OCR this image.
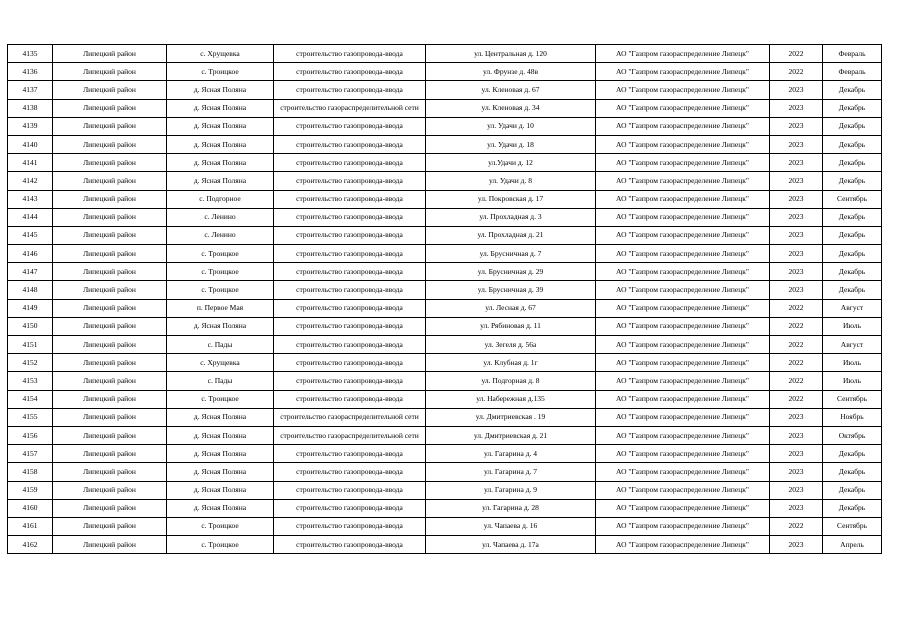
4135	Липецкий район	с. Хрущевка	строительство газопровода-ввода	ул. Центральная д. 120	АО "Газпром газораспределение Липецк"	2022	Февраль
4136	Липецкий район	с. Троицкое	строительство газопровода-ввода	ул. Фрунзе д. 48в	АО "Газпром газораспределение Липецк"	2022	Февраль
4137	Липецкий район	д. Ясная Поляна	строительство газопровода-ввода	ул. Кленовая д. 67	АО "Газпром газораспределение Липецк"	2023	Декабрь
4138	Липецкий район	д. Ясная Поляна	строительство газораспределительной сети	ул. Кленовая д. 34	АО "Газпром газораспределение Липецк"	2023	Декабрь
4139	Липецкий район	д. Ясная Поляна	строительство газопровода-ввода	ул. Удачи д. 10	АО "Газпром газораспределение Липецк"	2023	Декабрь
4140	Липецкий район	д. Ясная Поляна	строительство газопровода-ввода	ул. Удачи д. 18	АО "Газпром газораспределение Липецк"	2023	Декабрь
4141	Липецкий район	д. Ясная Поляна	строительство газопровода-ввода	ул.Удачи д. 12	АО "Газпром газораспределение Липецк"	2023	Декабрь
4142	Липецкий район	д. Ясная Поляна	строительство газопровода-ввода	ул. Удачи д. 8	АО "Газпром газораспределение Липецк"	2023	Декабрь
4143	Липецкий район	с. Подгорное	строительство газопровода-ввода	ул. Покровская д. 17	АО "Газпром газораспределение Липецк"	2023	Сентябрь
4144	Липецкий район	с. Ленино	строительство газопровода-ввода	ул. Прохладная д. 3	АО "Газпром газораспределение Липецк"	2023	Декабрь
4145	Липецкий район	с. Ленино	строительство газопровода-ввода	ул. Прохладная д. 21	АО "Газпром газораспределение Липецк"	2023	Декабрь
4146	Липецкий район	с. Троицкое	строительство газопровода-ввода	ул. Брусничная д. 7	АО "Газпром газораспределение Липецк"	2023	Декабрь
4147	Липецкий район	с. Троицкое	строительство газопровода-ввода	ул. Брусничная д. 29	АО "Газпром газораспределение Липецк"	2023	Декабрь
4148	Липецкий район	с. Троицкое	строительство газопровода-ввода	ул. Брусничная д. 39	АО "Газпром газораспределение Липецк"	2023	Декабрь
4149	Липецкий район	п. Первое Мая	строительство газопровода-ввода	ул. Лесная д. 67	АО "Газпром газораспределение Липецк"	2022	Август
4150	Липецкий район	д. Ясная Поляна	строительство газопровода-ввода	ул. Рябиновая д. 11	АО "Газпром газораспределение Липецк"	2022	Июль
4151	Липецкий район	с. Пады	строительство газопровода-ввода	ул. Зегеля д. 56а	АО "Газпром газораспределение Липецк"	2022	Август
4152	Липецкий район	с. Хрущевка	строительство газопровода-ввода	ул. Клубная д. 1г	АО "Газпром газораспределение Липецк"	2022	Июль
4153	Липецкий район	с. Пады	строительство газопровода-ввода	ул. Подгорная д. 8	АО "Газпром газораспределение Липецк"	2022	Июль
4154	Липецкий район	с. Троицкое	строительство газопровода-ввода	ул. Набережная д.135	АО "Газпром газораспределение Липецк"	2022	Сентябрь
4155	Липецкий район	д. Ясная Поляна	строительство газораспределительной сети	ул. Дмитриевская . 19	АО "Газпром газораспределение Липецк"	2023	Ноябрь
4156	Липецкий район	д. Ясная Поляна	строительство газораспределительной сети	ул. Дмитриевская д. 21	АО "Газпром газораспределение Липецк"	2023	Октябрь
4157	Липецкий район	д. Ясная Поляна	строительство газопровода-ввода	ул. Гагарина д. 4	АО "Газпром газораспределение Липецк"	2023	Декабрь
4158	Липецкий район	д. Ясная Поляна	строительство газопровода-ввода	ул. Гагарина д. 7	АО "Газпром газораспределение Липецк"	2023	Декабрь
4159	Липецкий район	д. Ясная Поляна	строительство газопровода-ввода	ул. Гагарина д. 9	АО "Газпром газораспределение Липецк"	2023	Декабрь
4160	Липецкий район	д. Ясная Поляна	строительство газопровода-ввода	ул. Гагарина д. 28	АО "Газпром газораспределение Липецк"	2023	Декабрь
4161	Липецкий район	с. Троицкое	строительство газопровода-ввода	ул. Чапаева д. 16	АО "Газпром газораспределение Липецк"	2022	Сентябрь
4162	Липецкий район	с. Троицкое	строительство газопровода-ввода	ул. Чапаева д. 17а	АО "Газпром газораспределение Липецк"	2023	Апрель
